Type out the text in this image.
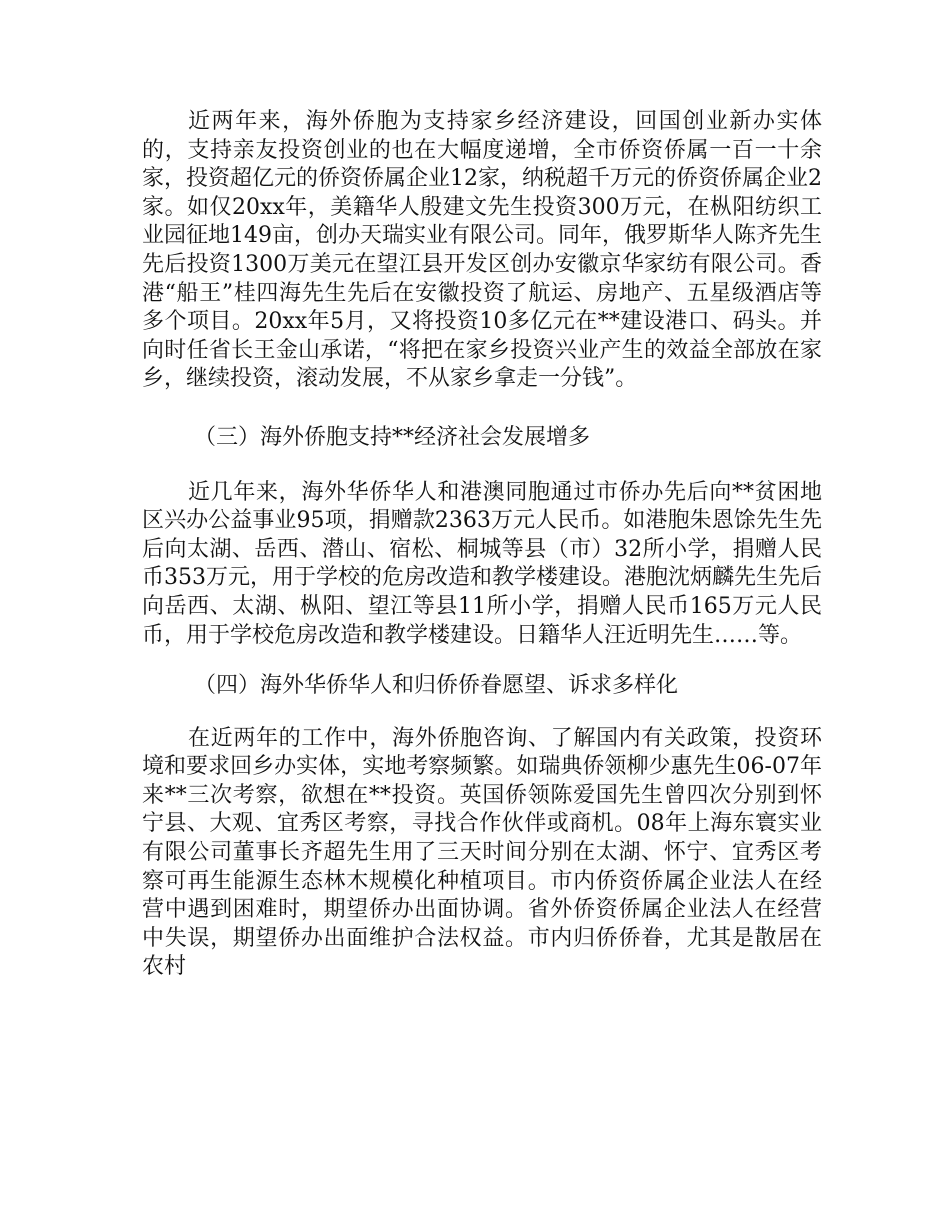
近两年来，海外侨胞为支持家乡经济建设，回国创业新办实体的，支持亲友投资创业的也在大幅度递增，全市侨资侨属一百一十余家，投资超亿元的侨资侨属企业12家，纳税超千万元的侨资侨属企业2家。如仅20xx年，美籍华人殷建文先生投资300万元，在枞阳纺织工业园征地149亩，创办天瑞实业有限公司。同年，俄罗斯华人陈齐先生先后投资1300万美元在望江县开发区创办安徽京华家纺有限公司。香港“船王”桂四海先生先后在安徽投资了航运、房地产、五星级酒店等多个项目。20xx年5月，又将投资10多亿元在**建设港口、码头。并向时任省长王金山承诺，“将把在家乡投资兴业产生的效益全部放在家乡，继续投资，滚动发展，不从家乡拿走一分钱”。

（三）海外侨胞支持**经济社会发展增多

近几年来，海外华侨华人和港澳同胞通过市侨办先后向**贫困地区兴办公益事业95项，捐赠款2363万元人民币。如港胞朱恩馀先生先后向太湖、岳西、潜山、宿松、桐城等县（市）32所小学，捐赠人民币353万元，用于学校的危房改造和教学楼建设。港胞沈炳麟先生先后向岳西、太湖、枞阳、望江等县11所小学，捐赠人民币165万元人民币，用于学校危房改造和教学楼建设。日籍华人汪近明先生……等。

（四）海外华侨华人和归侨侨眷愿望、诉求多样化

在近两年的工作中，海外侨胞咨询、了解国内有关政策，投资环境和要求回乡办实体，实地考察频繁。如瑞典侨领柳少惠先生06-07年来**三次考察，欲想在**投资。英国侨领陈爱国先生曾四次分别到怀宁县、大观、宜秀区考察，寻找合作伙伴或商机。08年上海东寰实业有限公司董事长齐超先生用了三天时间分别在太湖、怀宁、宜秀区考察可再生能源生态林木规模化种植项目。市内侨资侨属企业法人在经营中遇到困难时，期望侨办出面协调。省外侨资侨属企业法人在经营中失误，期望侨办出面维护合法权益。市内归侨侨眷，尤其是散居在农村
